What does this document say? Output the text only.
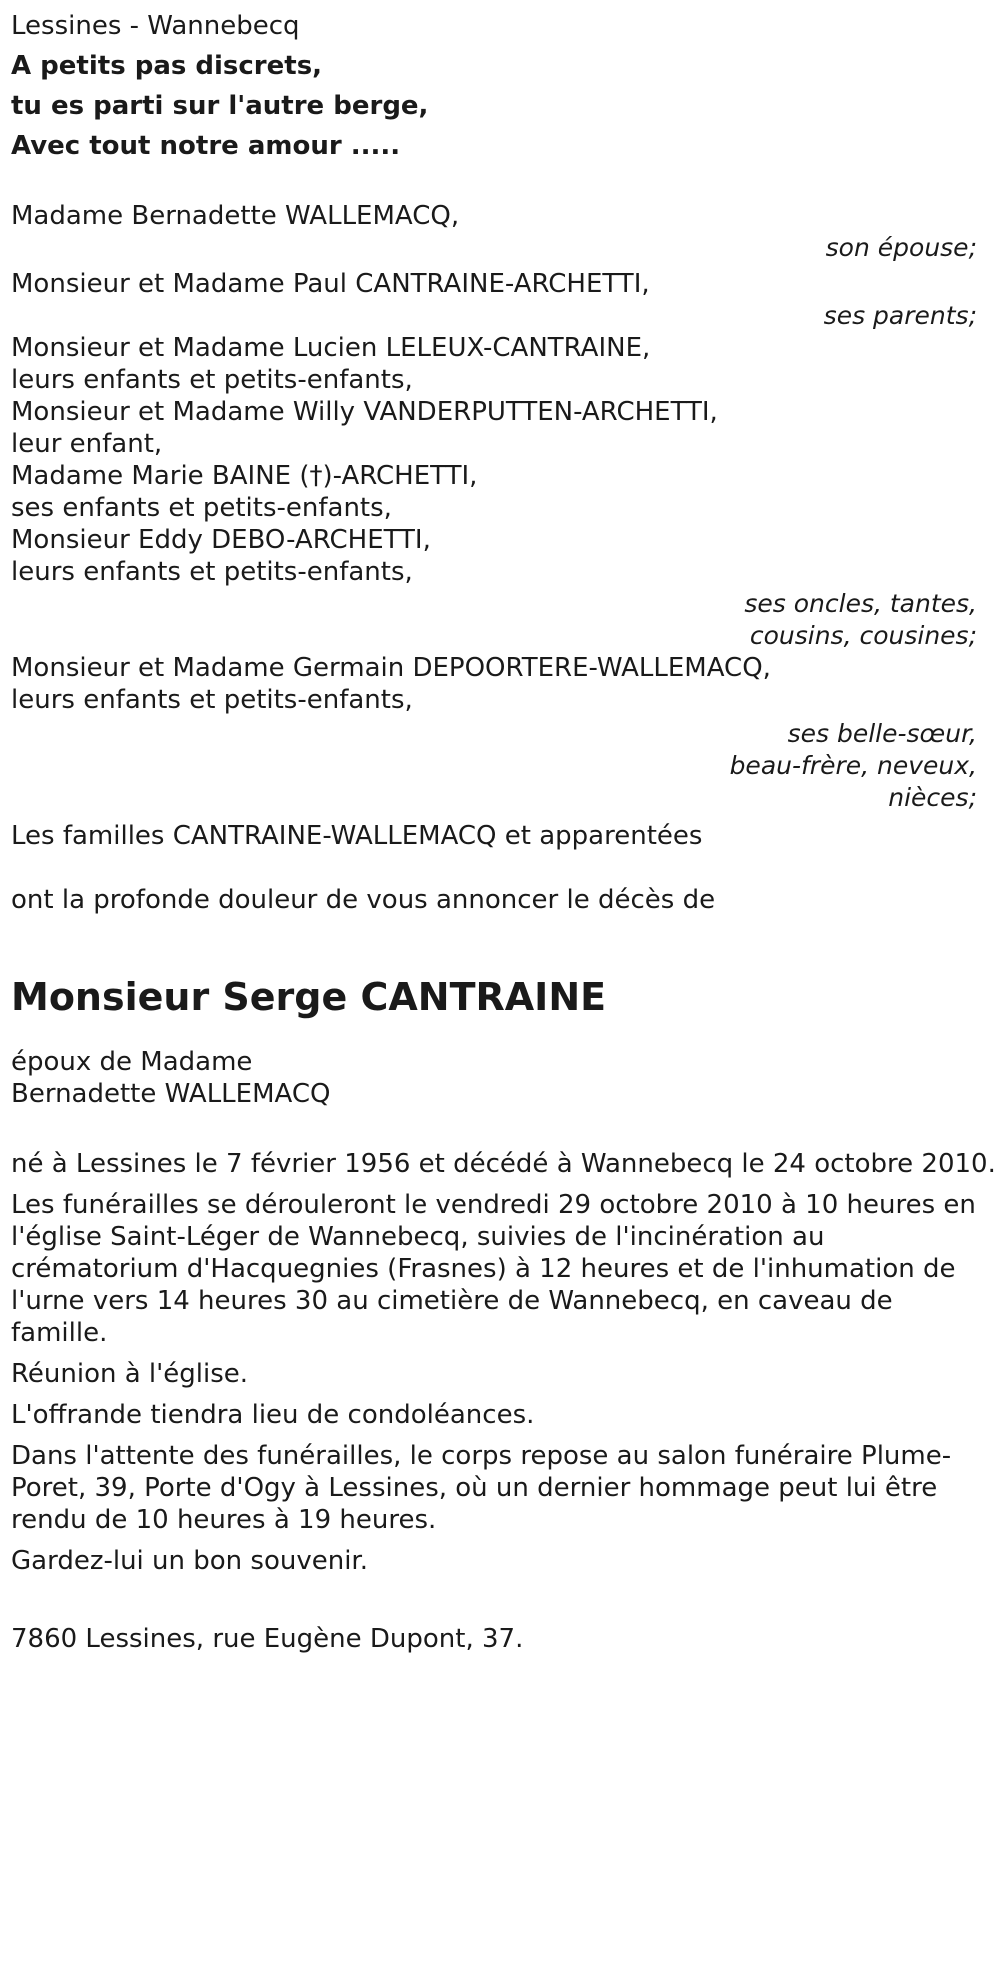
Lessines - Wannebecq

A petits pas discrets,

tu es parti sur l'autre berge,

Avec tout notre amour .....

Madame Bernadette WALLEMACQ,

son épouse;

Monsieur et Madame Paul CANTRAINE-ARCHETTI,

ses parents;

Monsieur et Madame Lucien LELEUX-CANTRAINE,

leurs enfants et petits-enfants,

Monsieur et Madame Willy VANDERPUTTEN-ARCHETTI,

leur enfant,

Madame Marie BAINE (†)-ARCHETTI,

ses enfants et petits-enfants,

Monsieur Eddy DEBO-ARCHETTI,

leurs enfants et petits-enfants,

ses oncles, tantes,

cousins, cousines;

Monsieur et Madame Germain DEPOORTERE-WALLEMACQ,

leurs enfants et petits-enfants,

ses belle-sœur,

beau-frère, neveux,

nièces;

Les familles CANTRAINE-WALLEMACQ et apparentées

ont la profonde douleur de vous annoncer le décès de

Monsieur Serge CANTRAINE

époux de Madame

Bernadette WALLEMACQ

né à Lessines le 7 février 1956 et décédé à Wannebecq le 24 octobre 2010.

Les funérailles se dérouleront le vendredi 29 octobre 2010 à 10 heures en l'église Saint-Léger de Wannebecq, suivies de l'incinération au crématorium d'Hacquegnies (Frasnes) à 12 heures et de l'inhumation de l'urne vers 14 heures 30 au cimetière de Wannebecq, en caveau de famille.

Réunion à l'église.

L'offrande tiendra lieu de condoléances.

Dans l'attente des funérailles, le corps repose au salon funéraire Plume-Poret, 39, Porte d'Ogy à Lessines, où un dernier hommage peut lui être rendu de 10 heures à 19 heures.

Gardez-lui un bon souvenir.

7860 Lessines, rue Eugène Dupont, 37.
